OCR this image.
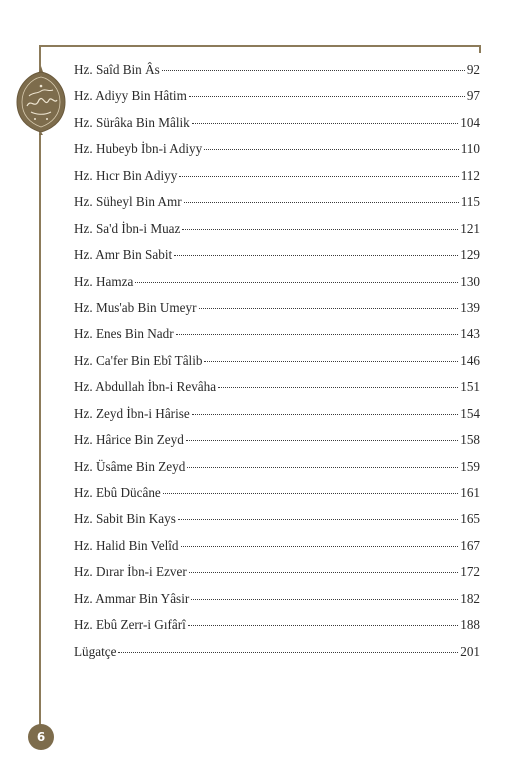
Hz. Saîd Bin Âs	92
Hz. Adiyy Bin Hâtim	97
Hz. Sürâka Bin Mâlik	104
Hz. Hubeyb İbn-i Adiyy	110
Hz. Hıcr Bin Adiyy	112
Hz. Süheyl Bin Amr	115
Hz. Sa'd İbn-i Muaz	121
Hz. Amr Bin Sabit	129
Hz. Hamza	130
Hz. Mus'ab Bin Umeyr	139
Hz. Enes Bin Nadr	143
Hz. Ca'fer Bin Ebî Tâlib	146
Hz. Abdullah İbn-i Revâha	151
Hz. Zeyd İbn-i Hârise	154
Hz. Hârice Bin Zeyd	158
Hz. Üsâme Bin Zeyd	159
Hz. Ebû Dücâne	161
Hz. Sabit Bin Kays	165
Hz. Halid Bin Velîd	167
Hz. Dırar İbn-i Ezver	172
Hz. Ammar Bin Yâsir	182
Hz. Ebû Zerr-i Gıfârî	188
Lügatçe	201
6
